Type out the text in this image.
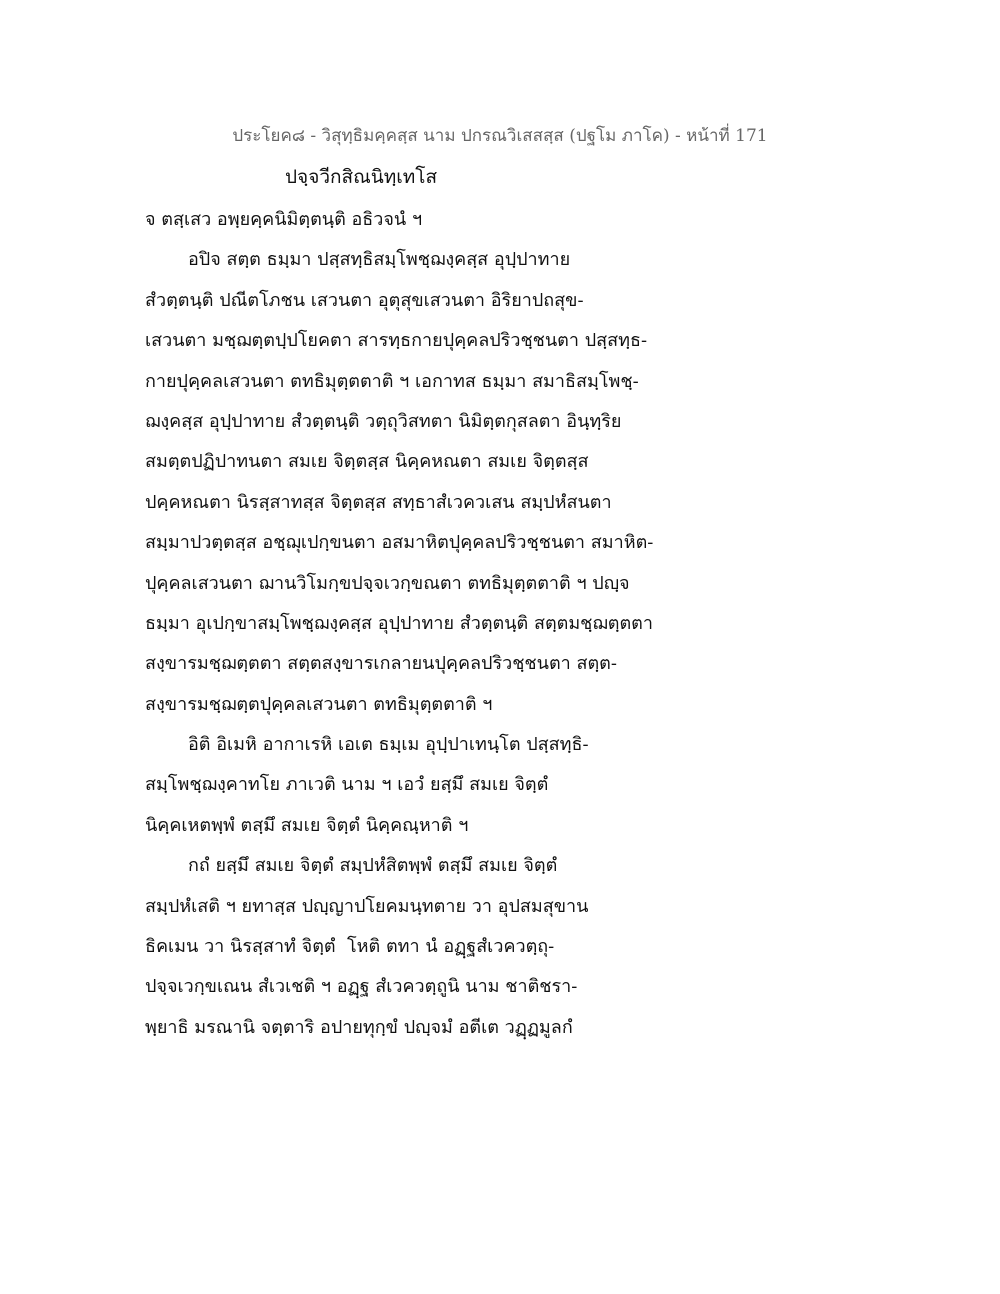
ประโยค๘ - วิสุทฺธิมคฺคสฺส นาม ปกรณวิเสสสฺส (ปฐโม ภาโค) - หน้าที่ 171
ปจฺจวีกสิณนิทฺเทโส
จ ตสฺเสว อพฺยคฺคนิมิตฺตนฺติ อธิวจนํ ฯ
อปิจ สตฺต ธมฺมา ปสฺสทฺธิสมฺโพชฺฌงฺคสฺส อุปฺปาทาย
สํวตฺตนฺติ ปณีตโภชน เสวนตา อุตุสุขเสวนตา อิริยาปถสุข-
เสวนตา มชฺฌตฺตปฺปโยคตา สารทฺธกายปุคฺคลปริวชฺชนตา ปสฺสทฺธ-
กายปุคฺคลเสวนตา ตทธิมุตฺตตาติ ฯ เอกาทส ธมฺมา สมาธิสมฺโพชฺ-
ฌงฺคสฺส อุปฺปาทาย สํวตฺตนฺติ วตฺถุวิสทตา นิมิตฺตกุสลตา อินฺทฺริย
สมตฺตปฏิปาทนตา สมเย จิตฺตสฺส นิคฺคหณตา สมเย จิตฺตสฺส
ปคฺคหณตา นิรสฺสาทสฺส จิตฺตสฺส สทฺธาสํเวควเสน สมฺปหํสนตา
สมฺมาปวตฺตสฺส อชฺฌุเปกฺขนตา อสมาหิตปุคฺคลปริวชฺชนตา สมาหิต-
ปุคฺคลเสวนตา ฌานวิโมกฺขปจฺจเวกฺขณตา ตทธิมุตฺตตาติ ฯ ปญฺจ
ธมฺมา อุเปกฺขาสมฺโพชฺฌงฺคสฺส อุปฺปาทาย สํวตฺตนฺติ สตฺตมชฺฌตฺตตา
สงฺขารมชฺฌตฺตตา สตฺตสงฺขารเกลายนปุคฺคลปริวชฺชนตา สตฺต-
สงฺขารมชฺฌตฺตปุคฺคลเสวนตา ตทธิมุตฺตตาติ ฯ
อิติ อิเมหิ อากาเรหิ เอเต ธมฺเม อุปฺปาเทนฺโต ปสฺสทฺธิ-
สมฺโพชฺฌงฺคาทโย ภาเวติ นาม ฯ เอวํ ยสฺมึ สมเย จิตฺตํ
นิคฺคเหตพฺพํ ตสฺมึ สมเย จิตฺตํ นิคฺคณฺหาติ ฯ
กถํ ยสฺมึ สมเย จิตฺตํ สมฺปหํสิตพฺพํ ตสฺมึ สมเย จิตฺตํ
สมฺปหํเสติ ฯ ยทาสฺส ปญฺญาปโยคมนฺทตาย วา อุปสมสุขาน
ธิคเมน วา นิรสฺสาทํ จิตฺตํ ￼ โหติ ตทา นํ อฏฺฐสํเวควตฺถุ-
ปจฺจเวกฺขเณน สํเวเชติ ฯ อฏฺฐ สํเวควตฺถูนิ นาม ชาติชรา-
พฺยาธิ มรณานิ จตฺตาริ อปายทุกฺขํ ปญฺจมํ อตีเต วฏฺฏมูลกํ
